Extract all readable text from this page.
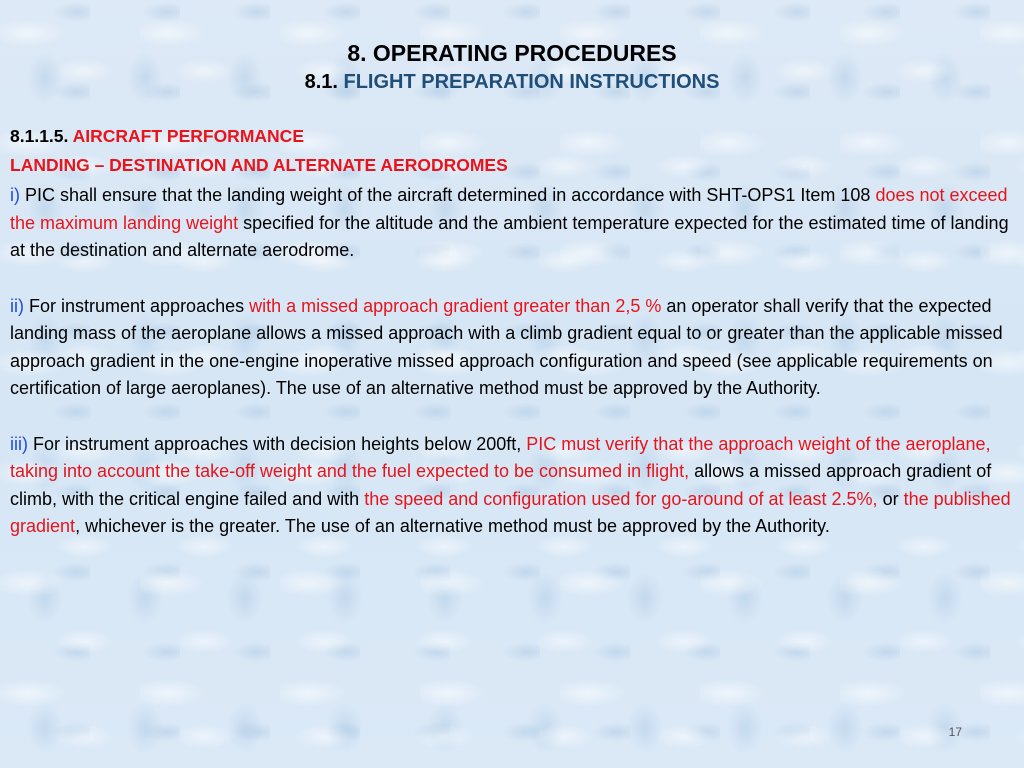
8. OPERATING PROCEDURES
8.1. FLIGHT PREPARATION INSTRUCTIONS
8.1.1.5. AIRCRAFT PERFORMANCE
LANDING – DESTINATION AND ALTERNATE AERODROMES

i) PIC shall ensure that the landing weight of the aircraft determined in accordance with SHT-OPS1 Item 108 does not exceed the maximum landing weight specified for the altitude and the ambient temperature expected for the estimated time of landing at the destination and alternate aerodrome.

ii) For instrument approaches with a missed approach gradient greater than 2,5 % an operator shall verify that the expected landing mass of the aeroplane allows a missed approach with a climb gradient equal to or greater than the applicable missed approach gradient in the one-engine inoperative missed approach configuration and speed (see applicable requirements on certification of large aeroplanes). The use of an alternative method must be approved by the Authority.

iii) For instrument approaches with decision heights below 200ft, PIC must verify that the approach weight of the aeroplane, taking into account the take-off weight and the fuel expected to be consumed in flight, allows a missed approach gradient of climb, with the critical engine failed and with the speed and configuration used for go-around of at least 2.5%, or the published gradient, whichever is the greater. The use of an alternative method must be approved by the Authority.

17
